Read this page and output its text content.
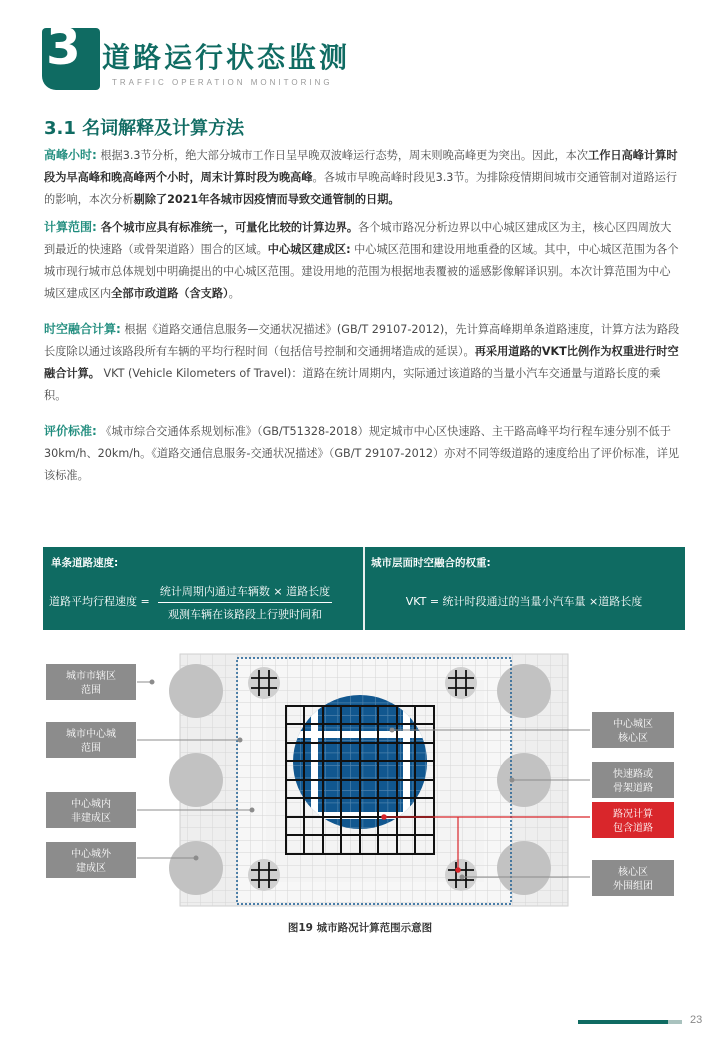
3 道路运行状态监测
TRAFFIC OPERATION MONITORING
3.1 名词解释及计算方法
高峰小时: 根据3.3节分析，绝大部分城市工作日呈早晚双波峰运行态势，周末则晚高峰更为突出。因此，本次工作日高峰计算时段为早高峰和晚高峰两个小时，周末计算时段为晚高峰。各城市早晚高峰时段见3.3节。为排除疫情期间城市交通管制对道路运行的影响，本次分析剔除了2021年各城市因疫情而导致交通管制的日期。
计算范围: 各个城市应具有标准统一，可量化比较的计算边界。各个城市路况分析边界以中心城区建成区为主，核心区四周放大到最近的快速路（或骨架道路）围合的区域。中心城区建成区: 中心城区范围和建设用地重叠的区域。其中，中心城区范围为各个城市现行城市总体规划中明确提出的中心城区范围。建设用地的范围为根据地表覆被的遥感影像解译识别。本次计算范围为中心城区建成区内全部市政道路（含支路）。
时空融合计算: 根据《道路交通信息服务—交通状况描述》(GB/T 29107-2012)，先计算高峰期单条道路速度，计算方法为路段长度除以通过该路段所有车辆的平均行程时间（包括信号控制和交通拥堵造成的延误）。再采用道路的VKT比例作为权重进行时空融合计算。 VKT (Vehicle Kilometers of Travel)：道路在统计周期内，实际通过该道路的当量小汽车交通量与道路长度的乘积。
评价标准: 《城市综合交通体系规划标准》（GB/T51328-2018）规定城市中心区快速路、主干路高峰平均行程车速分别不低于30km/h、20km/h。《道路交通信息服务-交通状况描述》（GB/T 29107-2012）亦对不同等级道路的速度给出了评价标准，详见该标准。
单条道路速度:	城市层面时空融合的权重:
道路平均行程速度 =
统计周期内通过车辆数 × 道路长度
观测车辆在该路段上行驶时间和
VKT = 统计时段通过的当量小汽车量 ×道路长度
城市市辖区
范围
城市中心城
范围
中心城内
非建成区
中心城外
建成区
中心城区
核心区
快速路或
骨架道路
路况计算
包含道路
核心区
外围组团
图19 城市路况计算范围示意图
23
